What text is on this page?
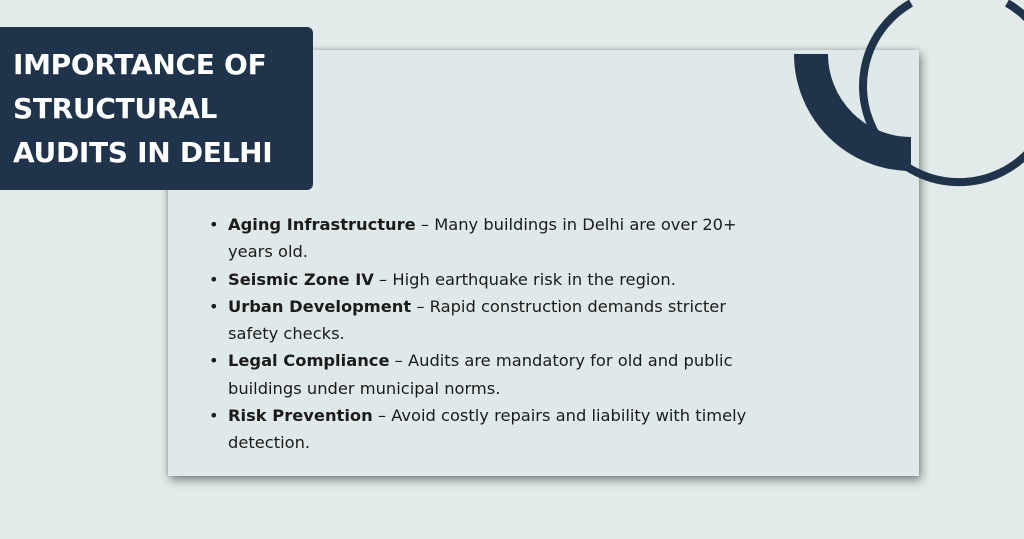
IMPORTANCE OF
STRUCTURAL
AUDITS IN DELHI
• Aging Infrastructure – Many buildings in Delhi are over 20+ years old.
• Seismic Zone IV – High earthquake risk in the region.
• Urban Development – Rapid construction demands stricter safety checks.
• Legal Compliance – Audits are mandatory for old and public buildings under municipal norms.
• Risk Prevention – Avoid costly repairs and liability with timely detection.
